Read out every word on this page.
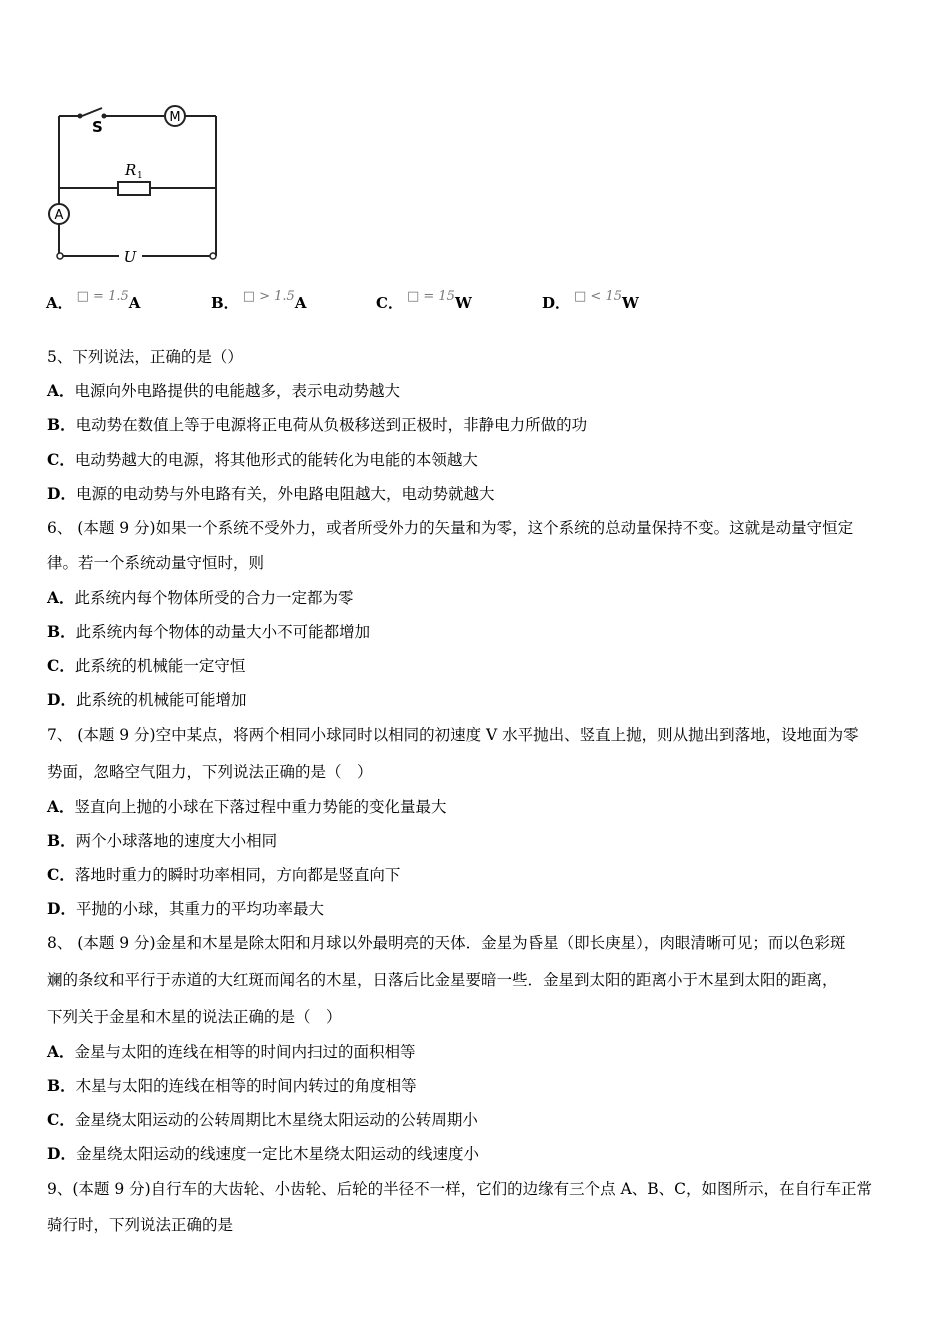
S
M
R 1
A
U
A． □ = 1.5A	B． □ > 1.5A	C． □ = 15W	D． □ < 15W
5、下列说法，正确的是（）
A．电源向外电路提供的电能越多，表示电动势越大
B．电动势在数值上等于电源将正电荷从负极移送到正极时，非静电力所做的功
C．电动势越大的电源，将其他形式的能转化为电能的本领越大
D．电源的电动势与外电路有关，外电路电阻越大，电动势就越大
6、 (本题 9 分)如果一个系统不受外力，或者所受外力的矢量和为零，这个系统的总动量保持不变。这就是动量守恒定
律。若一个系统动量守恒时，则
A．此系统内每个物体所受的合力一定都为零
B．此系统内每个物体的动量大小不可能都增加
C．此系统的机械能一定守恒
D．此系统的机械能可能增加
7、 (本题 9 分)空中某点，将两个相同小球同时以相同的初速度 V 水平抛出、竖直上抛，则从抛出到落地，设地面为零
势面，忽略空气阻力，下列说法正确的是（　）
A．竖直向上抛的小球在下落过程中重力势能的变化量最大
B．两个小球落地的速度大小相同
C．落地时重力的瞬时功率相同，方向都是竖直向下
D．平抛的小球，其重力的平均功率最大
8、 (本题 9 分)金星和木星是除太阳和月球以外最明亮的天体．金星为昏星（即长庚星），肉眼清晰可见；而以色彩斑
斓的条纹和平行于赤道的大红斑而闻名的木星，日落后比金星要暗一些．金星到太阳的距离小于木星到太阳的距离，
下列关于金星和木星的说法正确的是（　）
A．金星与太阳的连线在相等的时间内扫过的面积相等
B．木星与太阳的连线在相等的时间内转过的角度相等
C．金星绕太阳运动的公转周期比木星绕太阳运动的公转周期小
D．金星绕太阳运动的线速度一定比木星绕太阳运动的线速度小
9、(本题 9 分)自行车的大齿轮、小齿轮、后轮的半径不一样，它们的边缘有三个点 A、B、C，如图所示，在自行车正常
骑行时，下列说法正确的是
